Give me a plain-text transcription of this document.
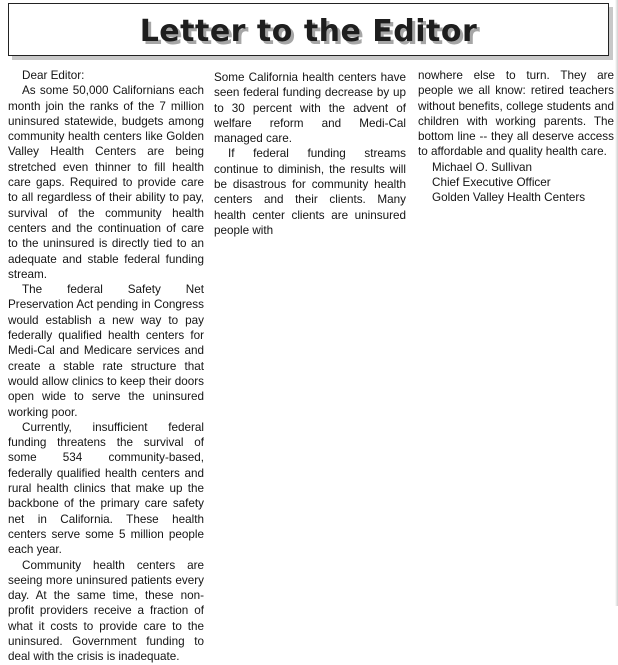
Letter to the Editor

Dear Editor:

As some 50,000 Californians each month join the ranks of the 7 million uninsured statewide, budgets among community health centers like Golden Valley Health Centers are being stretched even thinner to fill health care gaps. Required to provide care to all regardless of their ability to pay, survival of the community health centers and the continuation of care to the uninsured is directly tied to an adequate and stable federal funding stream.

The federal Safety Net Preservation Act pending in Congress would establish a new way to pay federally qualified health centers for Medi-Cal and Medicare services and create a stable rate structure that would allow clinics to keep their doors open wide to serve the uninsured working poor.

Currently, insufficient federal funding threatens the survival of some 534 community-based, federally qualified health centers and rural health clinics that make up the backbone of the primary care safety net in California. These health centers serve some 5 million people each year.

Community health centers are seeing more uninsured patients every day. At the same time, these non-profit providers receive a fraction of what it costs to provide care to the uninsured. Government funding to deal with the crisis is inadequate.

Some California health centers have seen federal funding decrease by up to 30 percent with the advent of welfare reform and Medi-Cal managed care.

If federal funding streams continue to diminish, the results will be disastrous for community health centers and their clients. Many health center clients are uninsured people with

nowhere else to turn. They are people we all know: retired teachers without benefits, college students and children with working parents. The bottom line -- they all deserve access to affordable and quality health care.

Michael O. Sullivan

Chief Executive Officer

Golden Valley Health Centers
